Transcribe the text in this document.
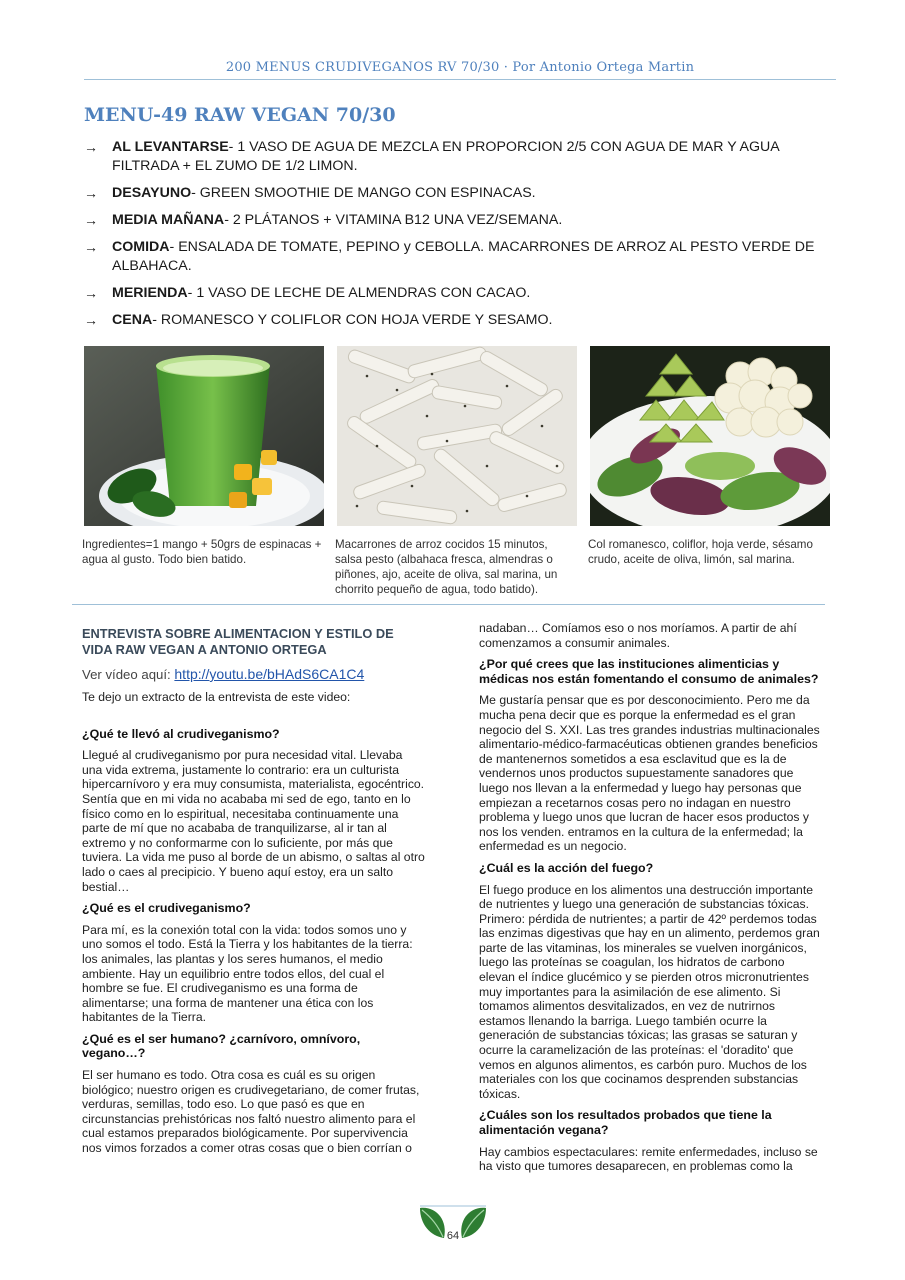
200 MENUS CRUDIVEGANOS RV 70/30 · Por Antonio Ortega Martin
MENU-49 RAW VEGAN 70/30
→ AL LEVANTARSE- 1 VASO DE AGUA DE MEZCLA EN PROPORCION 2/5 CON AGUA DE MAR Y AGUA FILTRADA + EL ZUMO DE 1/2 LIMON.
→ DESAYUNO- GREEN SMOOTHIE DE MANGO CON ESPINACAS.
→ MEDIA MAÑANA- 2 PLÁTANOS + VITAMINA B12 UNA VEZ/SEMANA.
→ COMIDA- ENSALADA DE TOMATE, PEPINO y CEBOLLA. MACARRONES DE ARROZ AL PESTO VERDE DE ALBAHACA.
→ MERIENDA- 1 VASO DE LECHE DE ALMENDRAS CON CACAO.
→ CENA- ROMANESCO Y COLIFLOR CON HOJA VERDE Y SESAMO.

Ingredientes=1 mango + 50grs de espinacas + agua al gusto. Todo bien batido.

Macarrones de arroz cocidos 15 minutos, salsa pesto (albahaca fresca, almendras o piñones, ajo, aceite de oliva, sal marina, un chorrito pequeño de agua, todo batido).

Col romanesco, coliflor, hoja verde, sésamo crudo, aceite de oliva, limón, sal marina.

ENTREVISTA SOBRE ALIMENTACION Y ESTILO DE VIDA RAW VEGAN A ANTONIO ORTEGA

Ver vídeo aquí: http://youtu.be/bHAdS6CA1C4

Te dejo un extracto de la entrevista de este video:

¿Qué te llevó al crudiveganismo?

Llegué al crudiveganismo por pura necesidad vital. Llevaba una vida extrema, justamente lo contrario: era un culturista hipercarnívoro y era muy consumista, materialista, egocéntrico. Sentía que en mi vida no acababa mi sed de ego, tanto en lo físico como en lo espiritual, necesitaba continuamente una parte de mí que no acababa de tranquilizarse, al ir tan al extremo y no conformarme con lo suficiente, por más que tuviera. La vida me puso al borde de un abismo, o saltas al otro lado o caes al precipicio. Y bueno aquí estoy, era un salto bestial…

¿Qué es el crudiveganismo?

Para mí, es la conexión total con la vida: todos somos uno y uno somos el todo. Está la Tierra y los habitantes de la tierra: los animales, las plantas y los seres humanos, el medio ambiente. Hay un equilibrio entre todos ellos, del cual el hombre se fue. El crudiveganismo es una forma de alimentarse; una forma de mantener una ética con los habitantes de la Tierra.

¿Qué es el ser humano? ¿carnívoro, omnívoro, vegano…?

El ser humano es todo. Otra cosa es cuál es su origen biológico; nuestro origen es crudivegetariano, de comer frutas, verduras, semillas, todo eso. Lo que pasó es que en circunstancias prehistóricas nos faltó nuestro alimento para el cual estamos preparados biológicamente. Por supervivencia nos vimos forzados a comer otras cosas que o bien corrían o

nadaban… Comíamos eso o nos moríamos. A partir de ahí comenzamos a consumir animales.

¿Por qué crees que las instituciones alimenticias y médicas nos están fomentando el consumo de animales?

Me gustaría pensar que es por desconocimiento. Pero me da mucha pena decir que es porque la enfermedad es el gran negocio del S. XXI. Las tres grandes industrias multinacionales alimentario-médico-farmacéuticas obtienen grandes beneficios de mantenernos sometidos a esa esclavitud que es la de vendernos unos productos supuestamente sanadores que luego nos llevan a la enfermedad y luego hay personas que empiezan a recetarnos cosas pero no indagan en nuestro problema y luego unos que lucran de hacer esos productos y nos los venden. entramos en la cultura de la enfermedad; la enfermedad es un negocio.

¿Cuál es la acción del fuego?

El fuego produce en los alimentos una destrucción importante de nutrientes y luego una generación de substancias tóxicas. Primero: pérdida de nutrientes; a partir de 42º perdemos todas las enzimas digestivas que hay en un alimento, perdemos gran parte de las vitaminas, los minerales se vuelven inorgánicos, luego las proteínas se coagulan, los hidratos de carbono elevan el índice glucémico y se pierden otros micronutrientes muy importantes para la asimilación de ese alimento. Si tomamos alimentos desvitalizados, en vez de nutrirnos estamos llenando la barriga. Luego también ocurre la generación de substancias tóxicas; las grasas se saturan y ocurre la caramelización de las proteínas: el 'doradito' que vemos en algunos alimentos, es carbón puro. Muchos de los materiales con los que cocinamos desprenden substancias tóxicas.

¿Cuáles son los resultados probados que tiene la alimentación vegana?

Hay cambios espectaculares: remite enfermedades, incluso se ha visto que tumores desaparecen, en problemas como la

64
